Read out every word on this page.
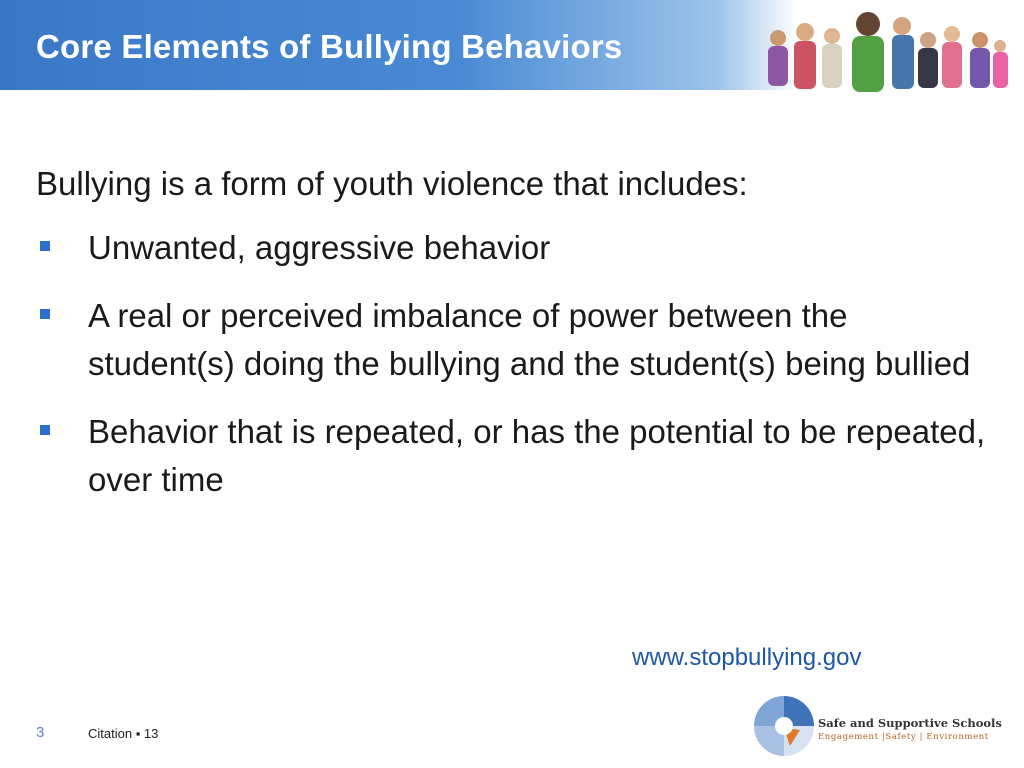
Core Elements of Bullying Behaviors

Bullying is a form of youth violence that includes:

Unwanted, aggressive behavior
A real or perceived imbalance of power between the student(s) doing the bullying and the student(s) being bullied
Behavior that is repeated, or has the potential to be repeated, over time
www.stopbullying.gov
3	Citation ▪ 13
Safe and Supportive Schools
Engagement |Safety | Environment
